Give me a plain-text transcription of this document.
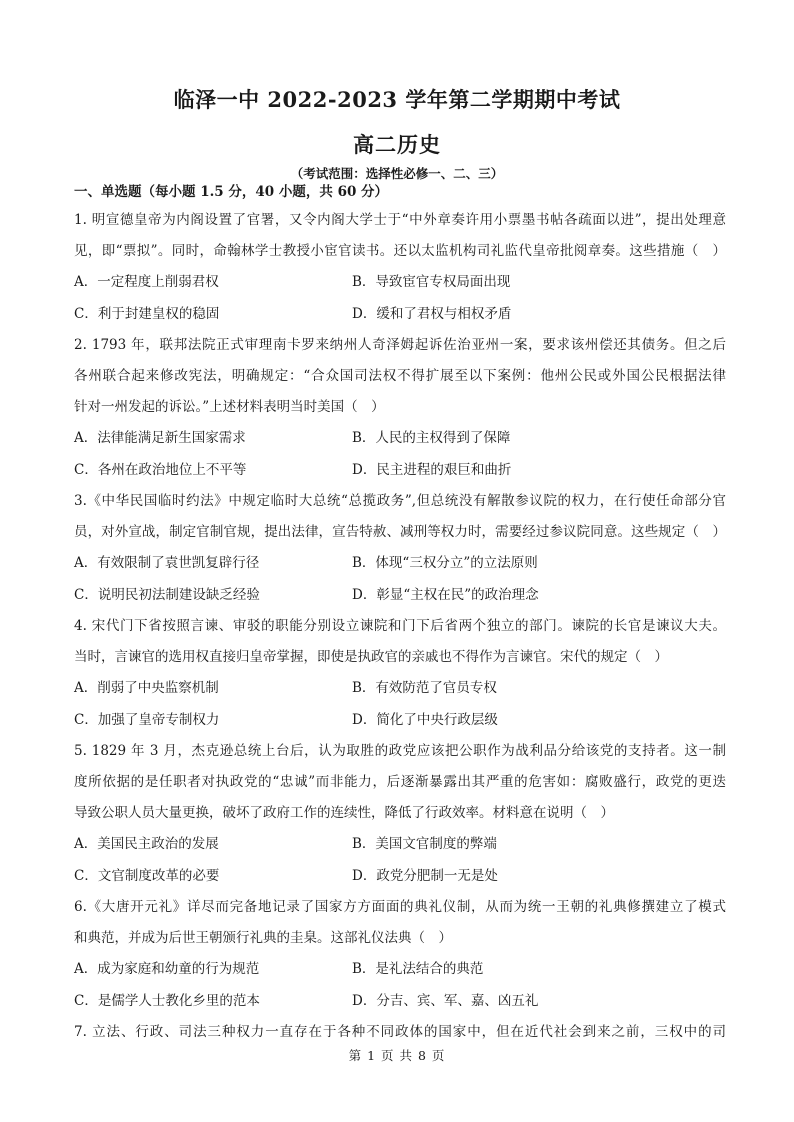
临泽一中 2022-2023 学年第二学期期中考试
高二历史
（考试范围：选择性必修一、二、三）
一、单选题（每小题 1.5 分，40 小题，共 60 分）
1. 明宣德皇帝为内阁设置了官署，又令内阁大学士于“中外章奏许用小票墨书帖各疏面以进”，提出处理意
见，即“票拟”。同时，命翰林学士教授小宦官读书。还以太监机构司礼监代皇帝批阅章奏。这些措施（　）
A．一定程度上削弱君权	B．导致宦官专权局面出现
C．利于封建皇权的稳固	D．缓和了君权与相权矛盾
2. 1793 年，联邦法院正式审理南卡罗来纳州人奇泽姆起诉佐治亚州一案，要求该州偿还其债务。但之后
各州联合起来修改宪法，明确规定：“合众国司法权不得扩展至以下案例：他州公民或外国公民根据法律
针对一州发起的诉讼。”上述材料表明当时美国（　）
A．法律能满足新生国家需求	B．人民的主权得到了保障
C．各州在政治地位上不平等	D．民主进程的艰巨和曲折
3.《中华民国临时约法》中规定临时大总统“总揽政务”,但总统没有解散参议院的权力，在行使任命部分官
员，对外宣战，制定官制官规，提出法律，宣告特赦、减刑等权力时，需要经过参议院同意。这些规定（　）
A．有效限制了袁世凯复辟行径	B．体现“三权分立”的立法原则
C．说明民初法制建设缺乏经验	D．彰显“主权在民”的政治理念
4. 宋代门下省按照言谏、审驳的职能分别设立谏院和门下后省两个独立的部门。谏院的长官是谏议大夫。
当时，言谏官的选用权直接归皇帝掌握，即使是执政官的亲戚也不得作为言谏官。宋代的规定（　）
A．削弱了中央监察机制	B．有效防范了官员专权
C．加强了皇帝专制权力	D．简化了中央行政层级
5. 1829 年 3 月，杰克逊总统上台后，认为取胜的政党应该把公职作为战利品分给该党的支持者。这一制
度所依据的是任职者对执政党的“忠诚”而非能力，后逐渐暴露出其严重的危害如：腐败盛行，政党的更迭
导致公职人员大量更换，破坏了政府工作的连续性，降低了行政效率。材料意在说明（　）
A．美国民主政治的发展	B．美国文官制度的弊端
C．文官制度改革的必要	D．政党分肥制一无是处
6.《大唐开元礼》详尽而完备地记录了国家方方面面的典礼仪制，从而为统一王朝的礼典修撰建立了模式
和典范，并成为后世王朝颁行礼典的圭臬。这部礼仪法典（　）
A．成为家庭和幼童的行为规范	B．是礼法结合的典范
C．是儒学人士教化乡里的范本	D．分吉、宾、军、嘉、凶五礼
7. 立法、行政、司法三种权力一直存在于各种不同政体的国家中，但在近代社会到来之前，三权中的司
第 1 页 共 8 页
